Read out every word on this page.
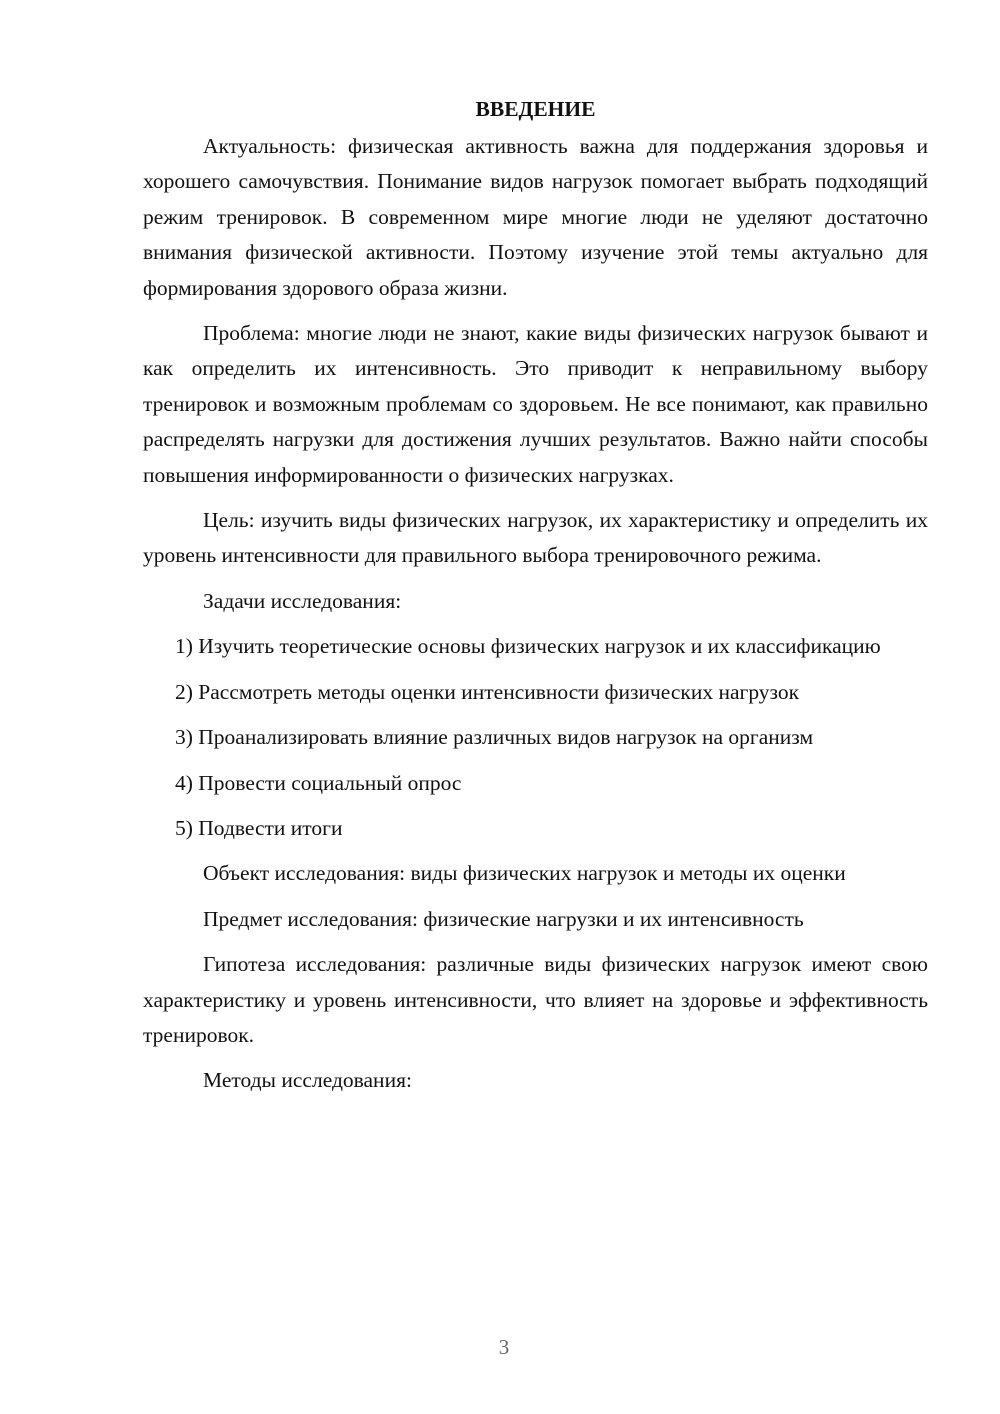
ВВЕДЕНИЕ

Актуальность: физическая активность важна для поддержания здоровья и хорошего самочувствия. Понимание видов нагрузок помогает выбрать подходящий режим тренировок. В современном мире многие люди не уделяют достаточно внимания физической активности. Поэтому изучение этой темы актуально для формирования здорового образа жизни.

Проблема: многие люди не знают, какие виды физических нагрузок бывают и как определить их интенсивность. Это приводит к неправильному выбору тренировок и возможным проблемам со здоровьем. Не все понимают, как правильно распределять нагрузки для достижения лучших результатов. Важно найти способы повышения информированности о физических нагрузках.

Цель: изучить виды физических нагрузок, их характеристику и определить их уровень интенсивности для правильного выбора тренировочного режима.

Задачи исследования:

1) Изучить теоретические основы физических нагрузок и их классификацию
2) Рассмотреть методы оценки интенсивности физических нагрузок
3) Проанализировать влияние различных видов нагрузок на организм
4) Провести социальный опрос
5) Подвести итоги

Объект исследования: виды физических нагрузок и методы их оценки

Предмет исследования: физические нагрузки и их интенсивность

Гипотеза исследования: различные виды физических нагрузок имеют свою характеристику и уровень интенсивности, что влияет на здоровье и эффективность тренировок.

Методы исследования:

3
